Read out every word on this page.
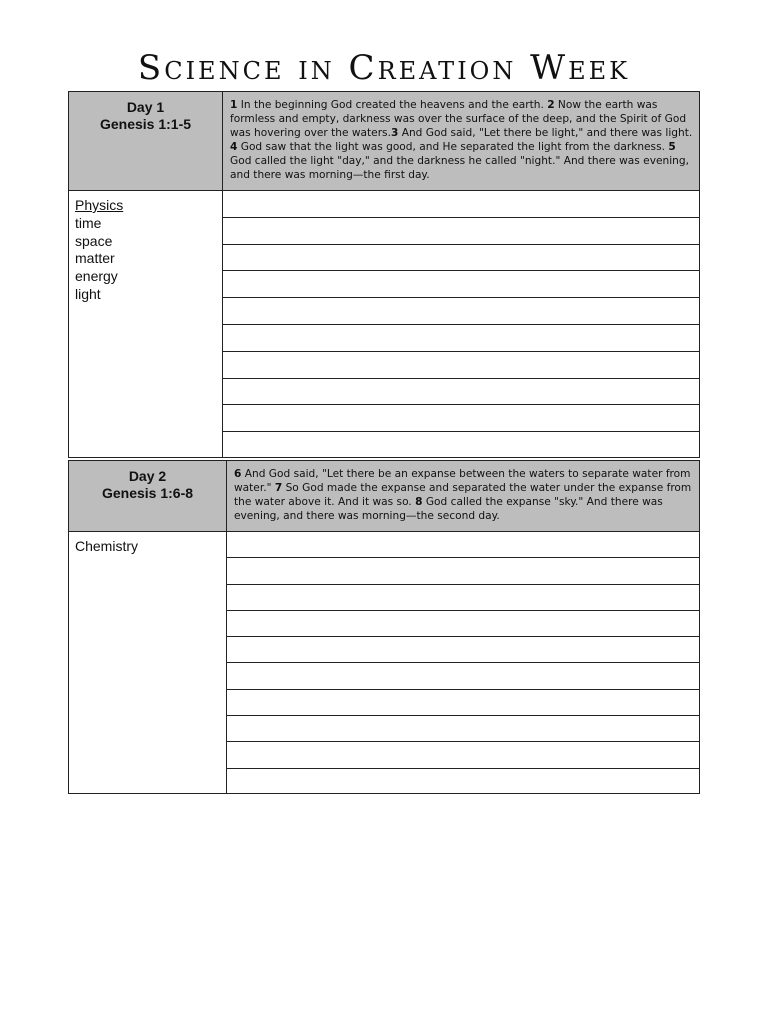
Science in Creation Week
Day 1
Genesis 1:1-5
1 In the beginning God created the heavens and the earth. 2 Now the earth was formless and empty, darkness was over the surface of the deep, and the Spirit of God was hovering over the waters.3 And God said, "Let there be light," and there was light. 4 God saw that the light was good, and He separated the light from the darkness. 5 God called the light "day," and the darkness he called "night." And there was evening, and there was morning—the first day.
Physics
time
space
matter
energy
light
Day 2
Genesis 1:6-8
6 And God said, "Let there be an expanse between the waters to separate water from water." 7 So God made the expanse and separated the water under the expanse from the water above it. And it was so. 8 God called the expanse "sky." And there was evening, and there was morning—the second day.
Chemistry
